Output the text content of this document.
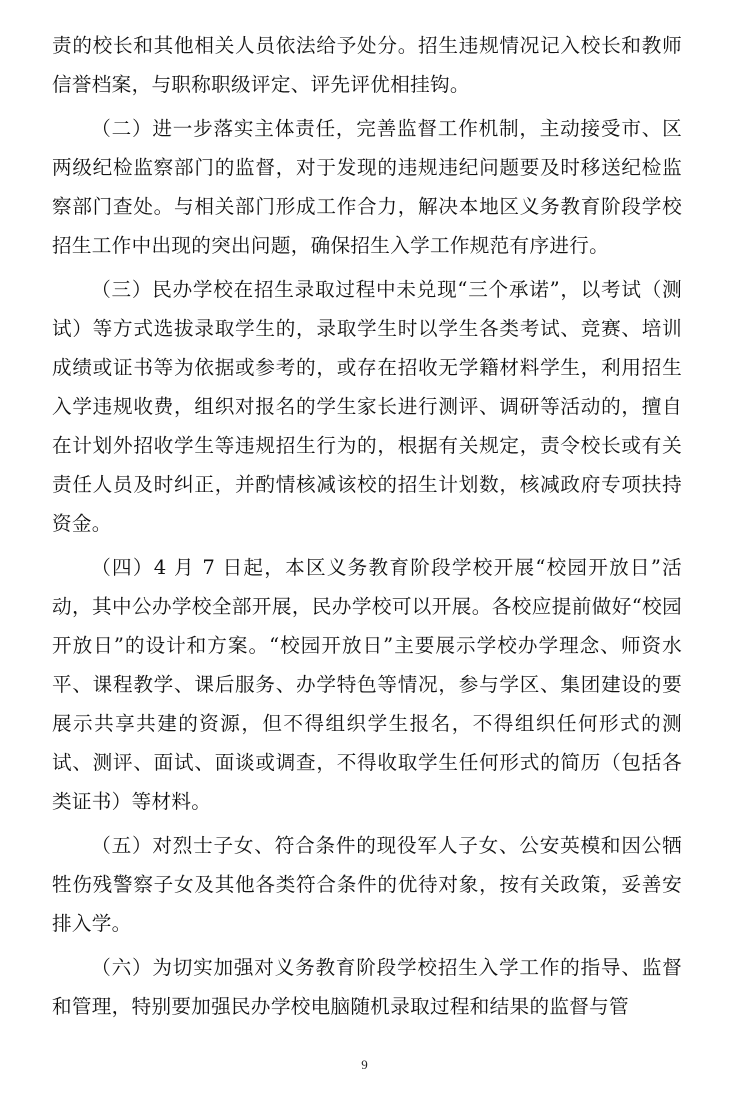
责的校长和其他相关人员依法给予处分。招生违规情况记入校长和教师信誉档案，与职称职级评定、评先评优相挂钩。

（二）进一步落实主体责任，完善监督工作机制，主动接受市、区两级纪检监察部门的监督，对于发现的违规违纪问题要及时移送纪检监察部门查处。与相关部门形成工作合力，解决本地区义务教育阶段学校招生工作中出现的突出问题，确保招生入学工作规范有序进行。

（三）民办学校在招生录取过程中未兑现“三个承诺”，以考试（测试）等方式选拔录取学生的，录取学生时以学生各类考试、竞赛、培训成绩或证书等为依据或参考的，或存在招收无学籍材料学生，利用招生入学违规收费，组织对报名的学生家长进行测评、调研等活动的，擅自在计划外招收学生等违规招生行为的，根据有关规定，责令校长或有关责任人员及时纠正，并酌情核减该校的招生计划数，核减政府专项扶持资金。

（四）4 月 7 日起，本区义务教育阶段学校开展“校园开放日”活动，其中公办学校全部开展，民办学校可以开展。各校应提前做好“校园开放日”的设计和方案。“校园开放日”主要展示学校办学理念、师资水平、课程教学、课后服务、办学特色等情况，参与学区、集团建设的要展示共享共建的资源，但不得组织学生报名，不得组织任何形式的测试、测评、面试、面谈或调查，不得收取学生任何形式的简历（包括各类证书）等材料。

（五）对烈士子女、符合条件的现役军人子女、公安英模和因公牺牲伤残警察子女及其他各类符合条件的优待对象，按有关政策，妥善安排入学。

（六）为切实加强对义务教育阶段学校招生入学工作的指导、监督和管理，特别要加强民办学校电脑随机录取过程和结果的监督与管

9
